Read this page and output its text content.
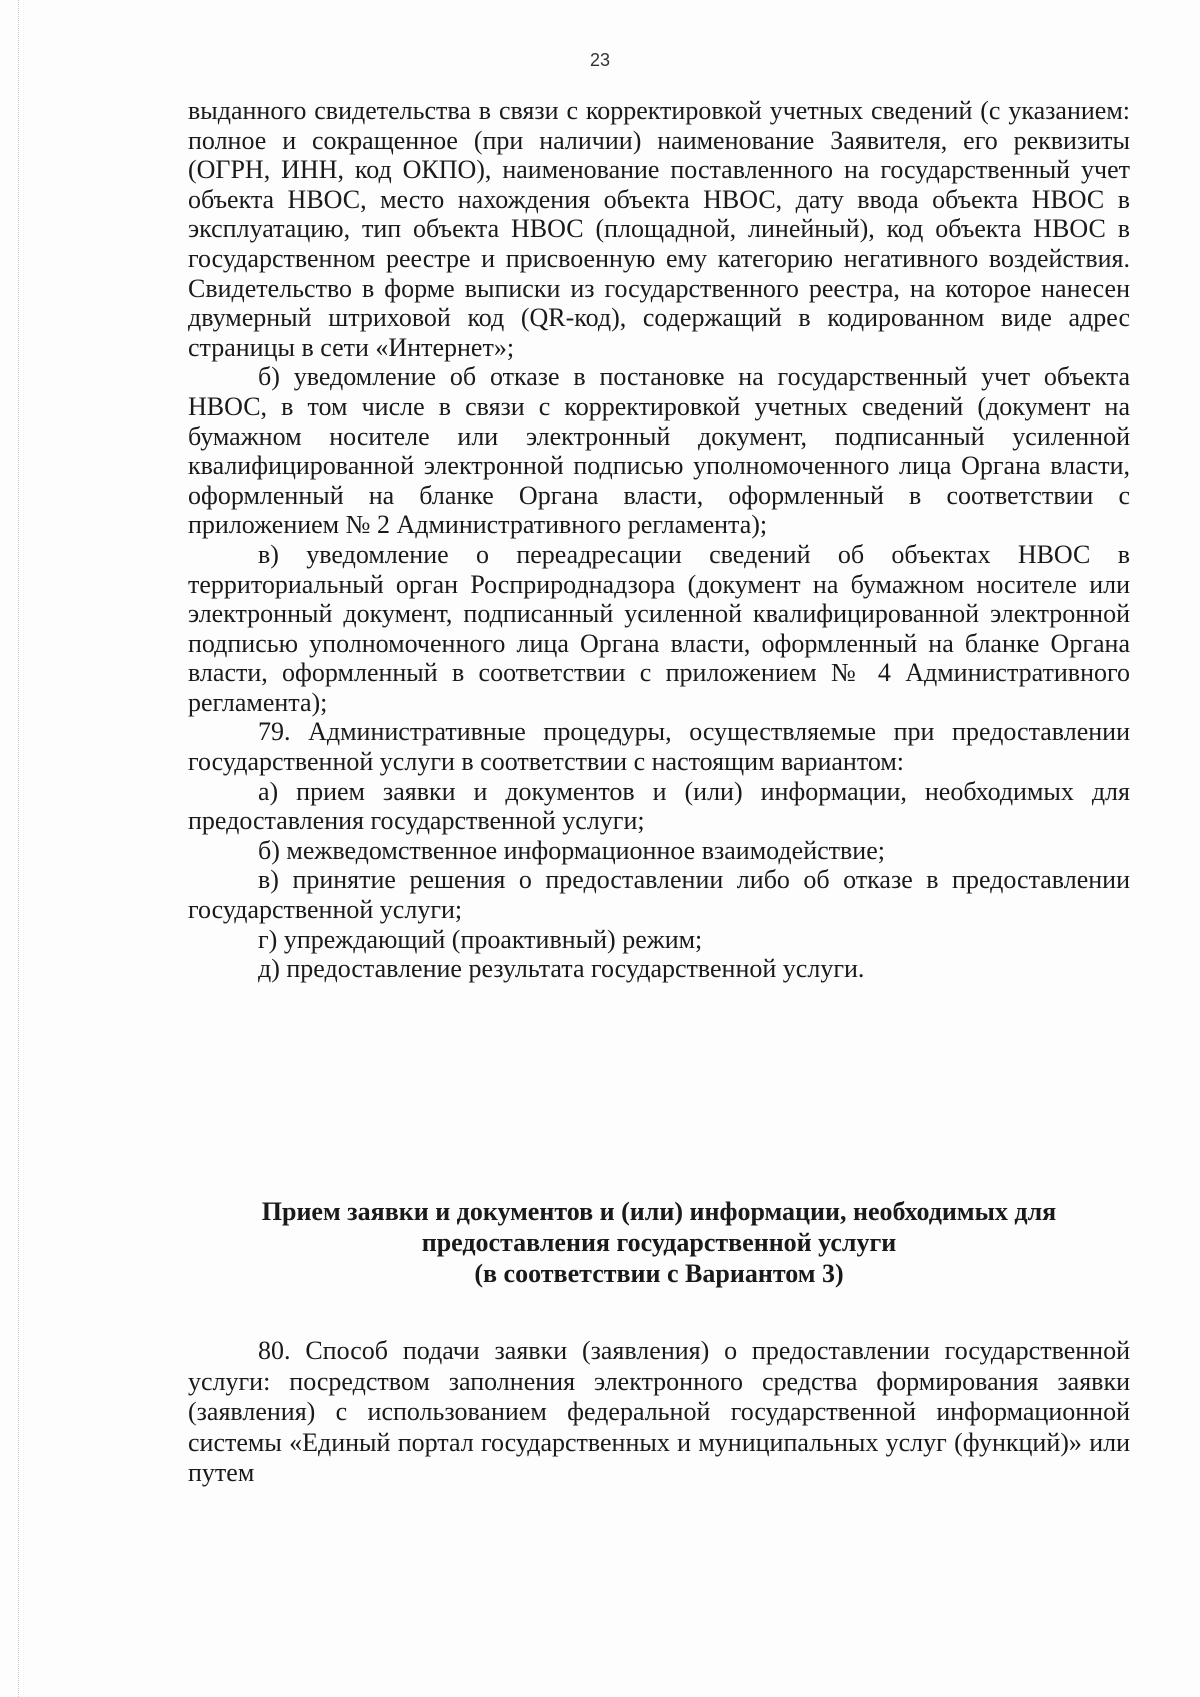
23

выданного свидетельства в связи с корректировкой учетных сведений (с указанием: полное и сокращенное (при наличии) наименование Заявителя, его реквизиты (ОГРН, ИНН, код ОКПО), наименование поставленного на государственный учет объекта НВОС, место нахождения объекта НВОС, дату ввода объекта НВОС в эксплуатацию, тип объекта НВОС (площадной, линейный), код объекта НВОС в государственном реестре и присвоенную ему категорию негативного воздействия. Свидетельство в форме выписки из государственного реестра, на которое нанесен двумерный штриховой код (QR-код), содержащий в кодированном виде адрес страницы в сети «Интернет»;

б) уведомление об отказе в постановке на государственный учет объекта НВОС, в том числе в связи с корректировкой учетных сведений (документ на бумажном носителе или электронный документ, подписанный усиленной квалифицированной электронной подписью уполномоченного лица Органа власти, оформленный на бланке Органа власти, оформленный в соответствии с приложением № 2 Административного регламента);

в) уведомление о переадресации сведений об объектах НВОС в территориальный орган Росприроднадзора (документ на бумажном носителе или электронный документ, подписанный усиленной квалифицированной электронной подписью уполномоченного лица Органа власти, оформленный на бланке Органа власти, оформленный в соответствии с приложением № 4 Административного регламента);

79. Административные процедуры, осуществляемые при предоставлении государственной услуги в соответствии с настоящим вариантом:

а) прием заявки и документов и (или) информации, необходимых для предоставления государственной услуги;

б) межведомственное информационное взаимодействие;

в) принятие решения о предоставлении либо об отказе в предоставлении государственной услуги;

г) упреждающий (проактивный) режим;

д) предоставление результата государственной услуги.

Прием заявки и документов и (или) информации, необходимых для
предоставления государственной услуги
(в соответствии с Вариантом 3)

80. Способ подачи заявки (заявления) о предоставлении государственной услуги: посредством заполнения электронного средства формирования заявки (заявления) с использованием федеральной государственной информационной системы «Единый портал государственных и муниципальных услуг (функций)» или путем
